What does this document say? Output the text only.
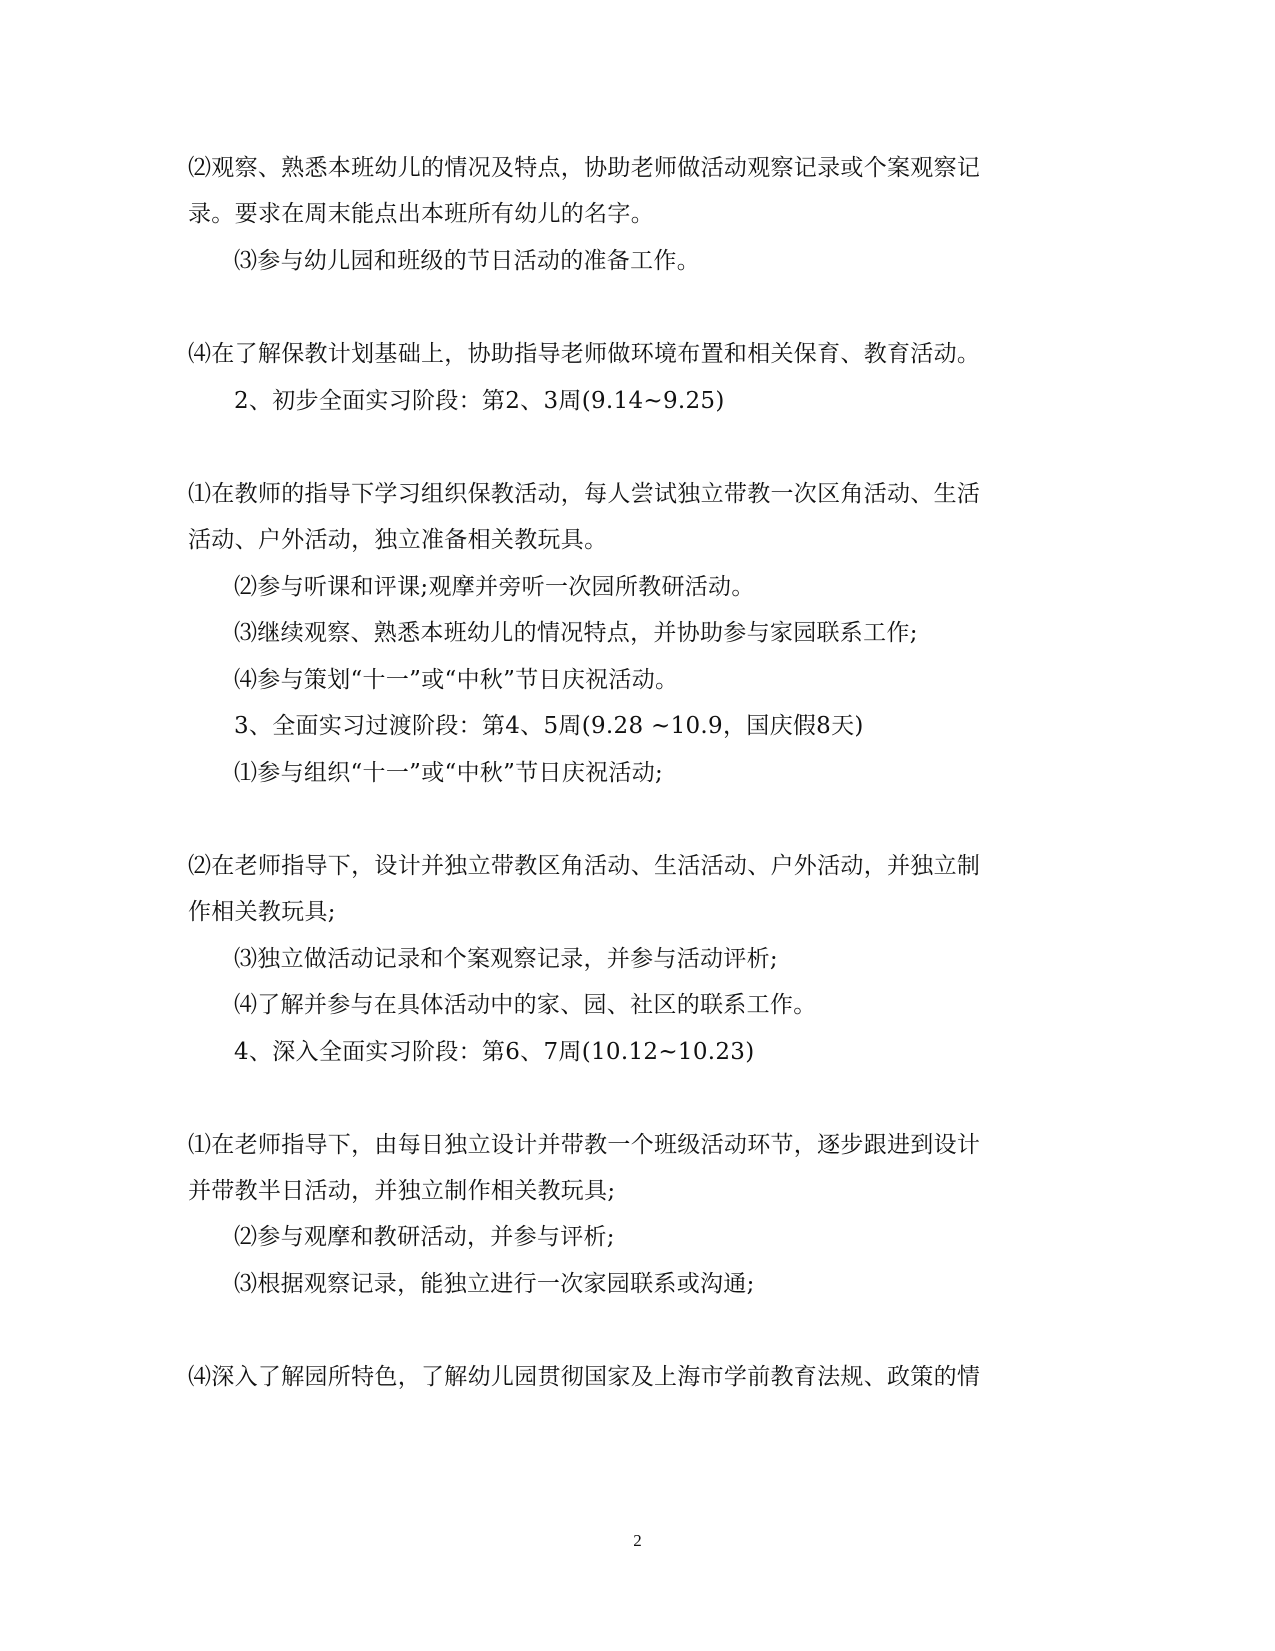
⑵观察、熟悉本班幼儿的情况及特点，协助老师做活动观察记录或个案观察记
录。要求在周末能点出本班所有幼儿的名字。
⑶参与幼儿园和班级的节日活动的准备工作。
⑷在了解保教计划基础上，协助指导老师做环境布置和相关保育、教育活动。
2、初步全面实习阶段：第2、3周(9.14~9.25)
⑴在教师的指导下学习组织保教活动，每人尝试独立带教一次区角活动、生活
活动、户外活动，独立准备相关教玩具。
⑵参与听课和评课;观摩并旁听一次园所教研活动。
⑶继续观察、熟悉本班幼儿的情况特点，并协助参与家园联系工作;
⑷参与策划“十一”或“中秋”节日庆祝活动。
3、全面实习过渡阶段：第4、5周(9.28 ~10.9，国庆假8天)
⑴参与组织“十一”或“中秋”节日庆祝活动;
⑵在老师指导下，设计并独立带教区角活动、生活活动、户外活动，并独立制
作相关教玩具;
⑶独立做活动记录和个案观察记录，并参与活动评析;
⑷了解并参与在具体活动中的家、园、社区的联系工作。
4、深入全面实习阶段：第6、7周(10.12~10.23)
⑴在老师指导下，由每日独立设计并带教一个班级活动环节，逐步跟进到设计
并带教半日活动，并独立制作相关教玩具;
⑵参与观摩和教研活动，并参与评析;
⑶根据观察记录，能独立进行一次家园联系或沟通;
⑷深入了解园所特色，了解幼儿园贯彻国家及上海市学前教育法规、政策的情
2
